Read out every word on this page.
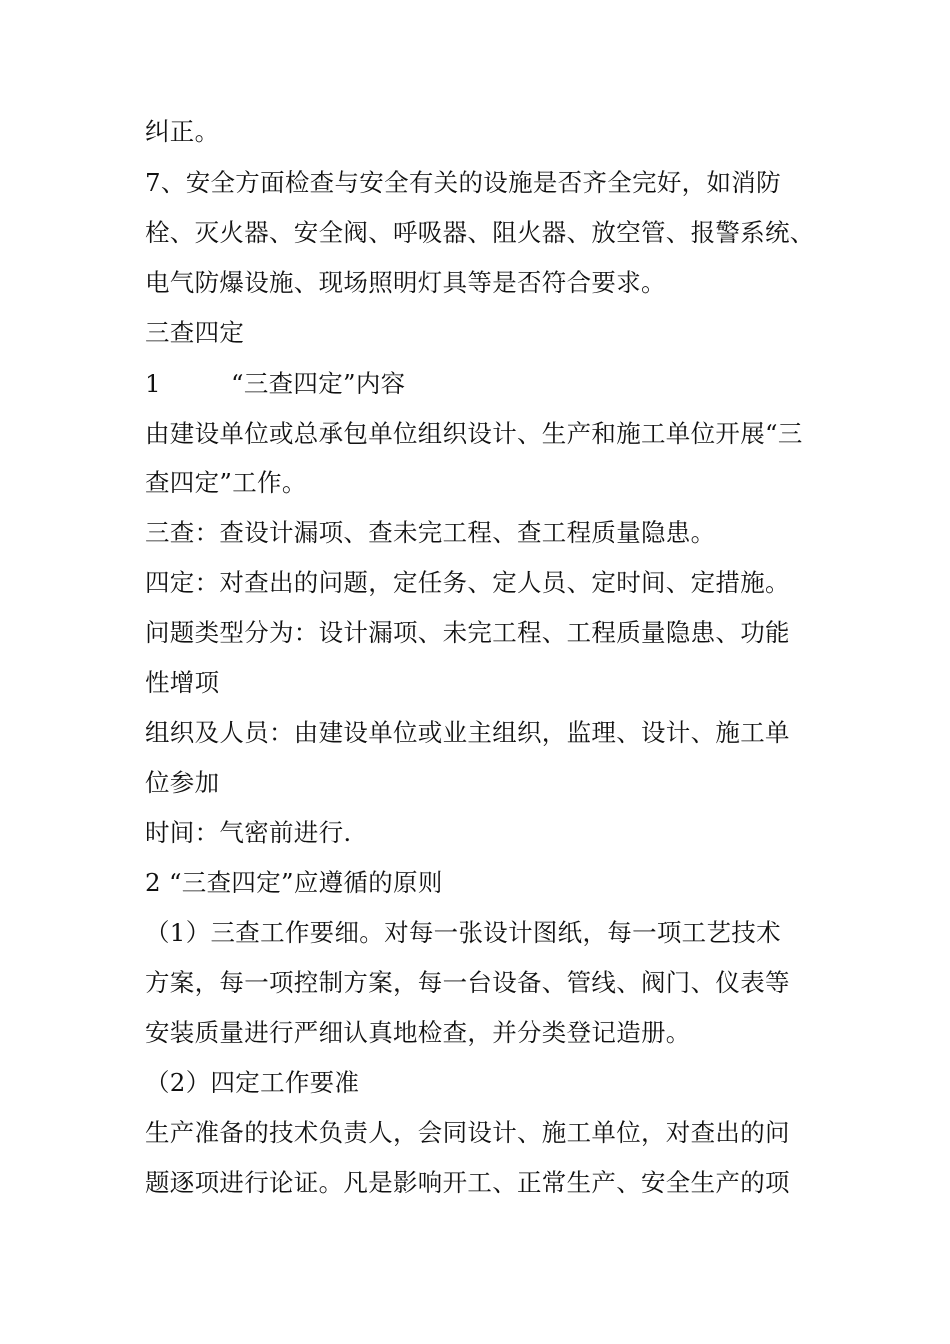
纠正。
7、安全方面检查与安全有关的设施是否齐全完好，如消防
栓、灭火器、安全阀、呼吸器、阻火器、放空管、报警系统、
电气防爆设施、现场照明灯具等是否符合要求。
三查四定
1	“三查四定”内容
由建设单位或总承包单位组织设计、生产和施工单位开展“三
查四定”工作。
三查：查设计漏项、查未完工程、查工程质量隐患。
四定：对查出的问题，定任务、定人员、定时间、定措施。
问题类型分为：设计漏项、未完工程、工程质量隐患、功能
性增项
组织及人员：由建设单位或业主组织，监理、设计、施工单
位参加
时间：气密前进行.
2 “三查四定”应遵循的原则
（1）三查工作要细。对每一张设计图纸，每一项工艺技术
方案，每一项控制方案，每一台设备、管线、阀门、仪表等
安装质量进行严细认真地检查，并分类登记造册。
（2）四定工作要准
生产准备的技术负责人，会同设计、施工单位，对查出的问
题逐项进行论证。凡是影响开工、正常生产、安全生产的项
